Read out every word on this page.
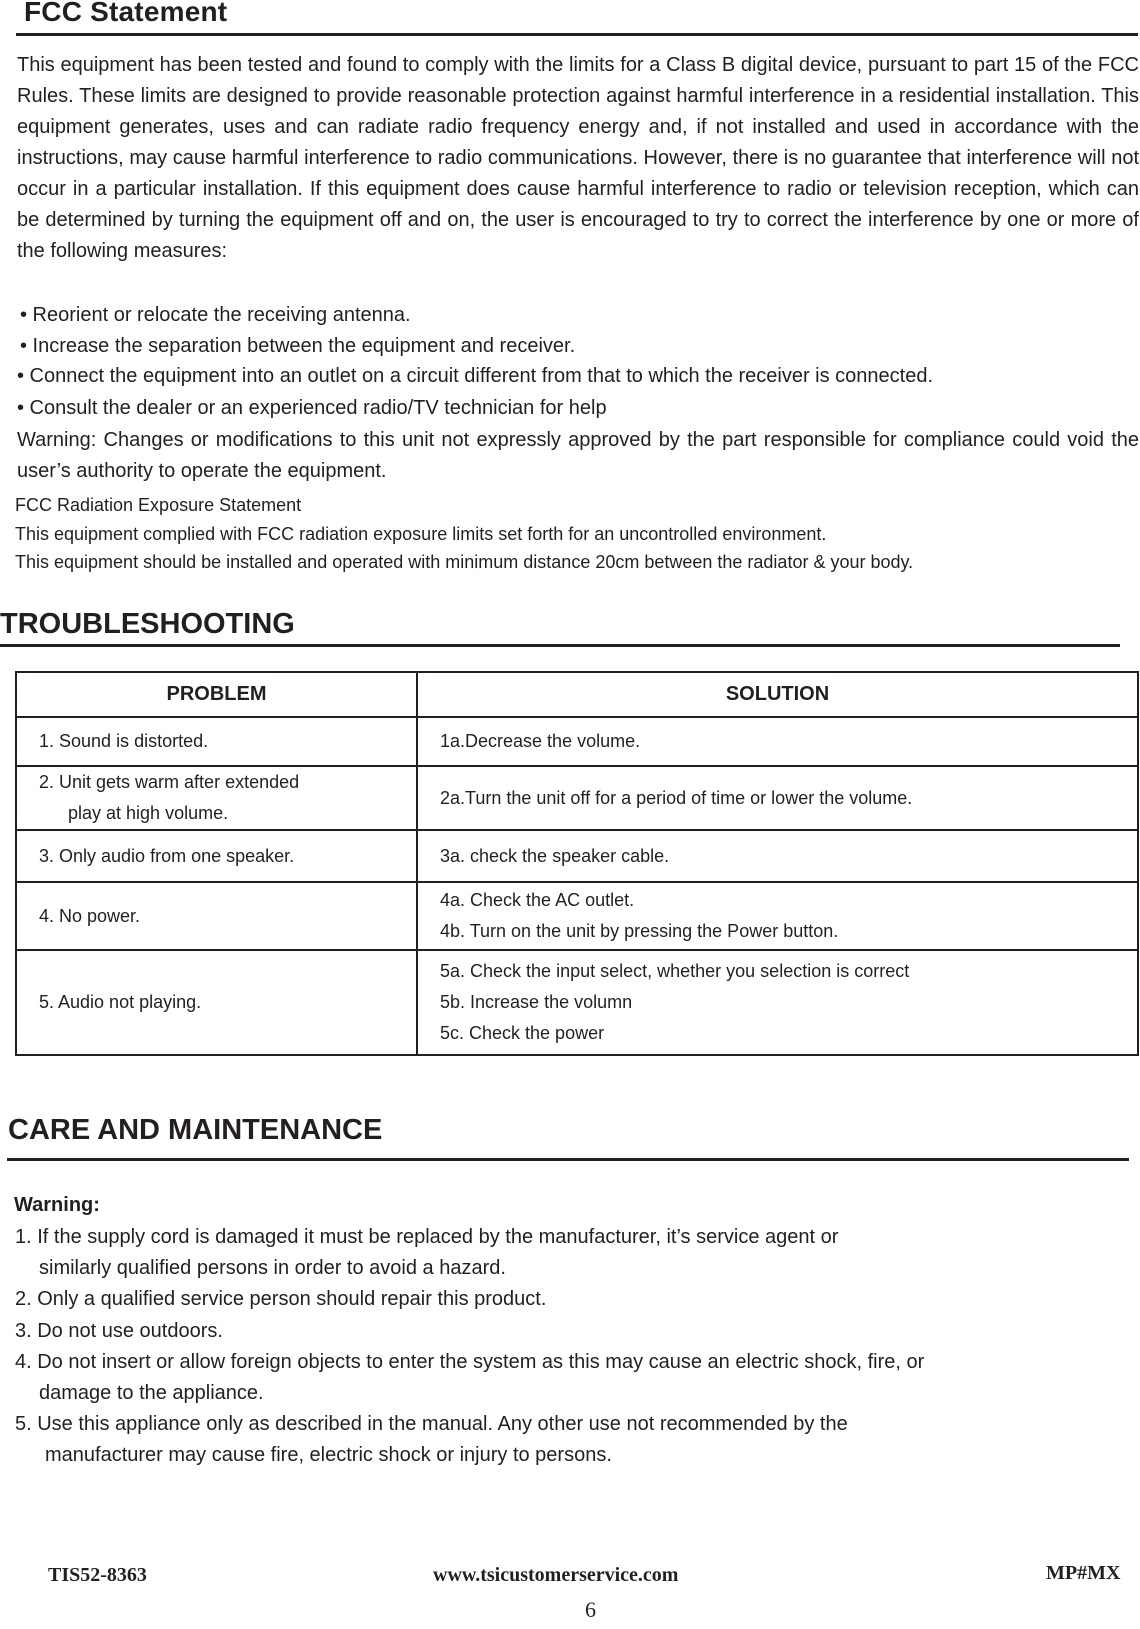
FCC Statement
This equipment has been tested and found to comply with the limits for a Class B digital device, pursuant to part 15 of the FCC Rules. These limits are designed to provide reasonable protection against harmful interference in a residential installation. This equipment generates, uses and can radiate radio frequency energy and, if not installed and used in accordance with the instructions, may cause harmful interference to radio communications. However, there is no guarantee that interference will not occur in a particular installation. If this equipment does cause harmful interference to radio or television reception, which can be determined by turning the equipment off and on, the user is encouraged to try to correct the interference by one or more of the following measures:
• Reorient or relocate the receiving antenna.
• Increase the separation between the equipment and receiver.
• Connect the equipment into an outlet on a circuit different from that to which the receiver is connected.
• Consult the dealer or an experienced radio/TV technician for help
Warning: Changes or modifications to this unit not expressly approved by the part responsible for compliance could void the user’s authority to operate the equipment.
FCC Radiation Exposure Statement
This equipment complied with FCC radiation exposure limits set forth for an uncontrolled environment.
This equipment should be installed and operated with minimum distance 20cm between the radiator & your body.
TROUBLESHOOTING
PROBLEM	SOLUTION

1. Sound is distorted.	1a.Decrease the volume.

2. Unit gets warm after extended
play at high volume.	2a.Turn the unit off for a period of time or lower the volume.

3. Only audio from one speaker.	3a. check the speaker cable.

4. No power.	4a. Check the AC outlet.
4b. Turn on the unit by pressing the Power button.

5. Audio not playing.	5a. Check the input select, whether you selection is correct
5b. Increase the volumn
5c. Check the power
CARE AND MAINTENANCE
Warning:
1. If the supply cord is damaged it must be replaced by the manufacturer, it’s service agent or
similarly qualified persons in order to avoid a hazard.
2. Only a qualified service person should repair this product.
3. Do not use outdoors.
4. Do not insert or allow foreign objects to enter the system as this may cause an electric shock, fire, or
damage to the appliance.
5. Use this appliance only as described in the manual. Any other use not recommended by the
manufacturer may cause fire, electric shock or injury to persons.
TIS52-8363	www.tsicustomerservice.com	MP#MX
6
